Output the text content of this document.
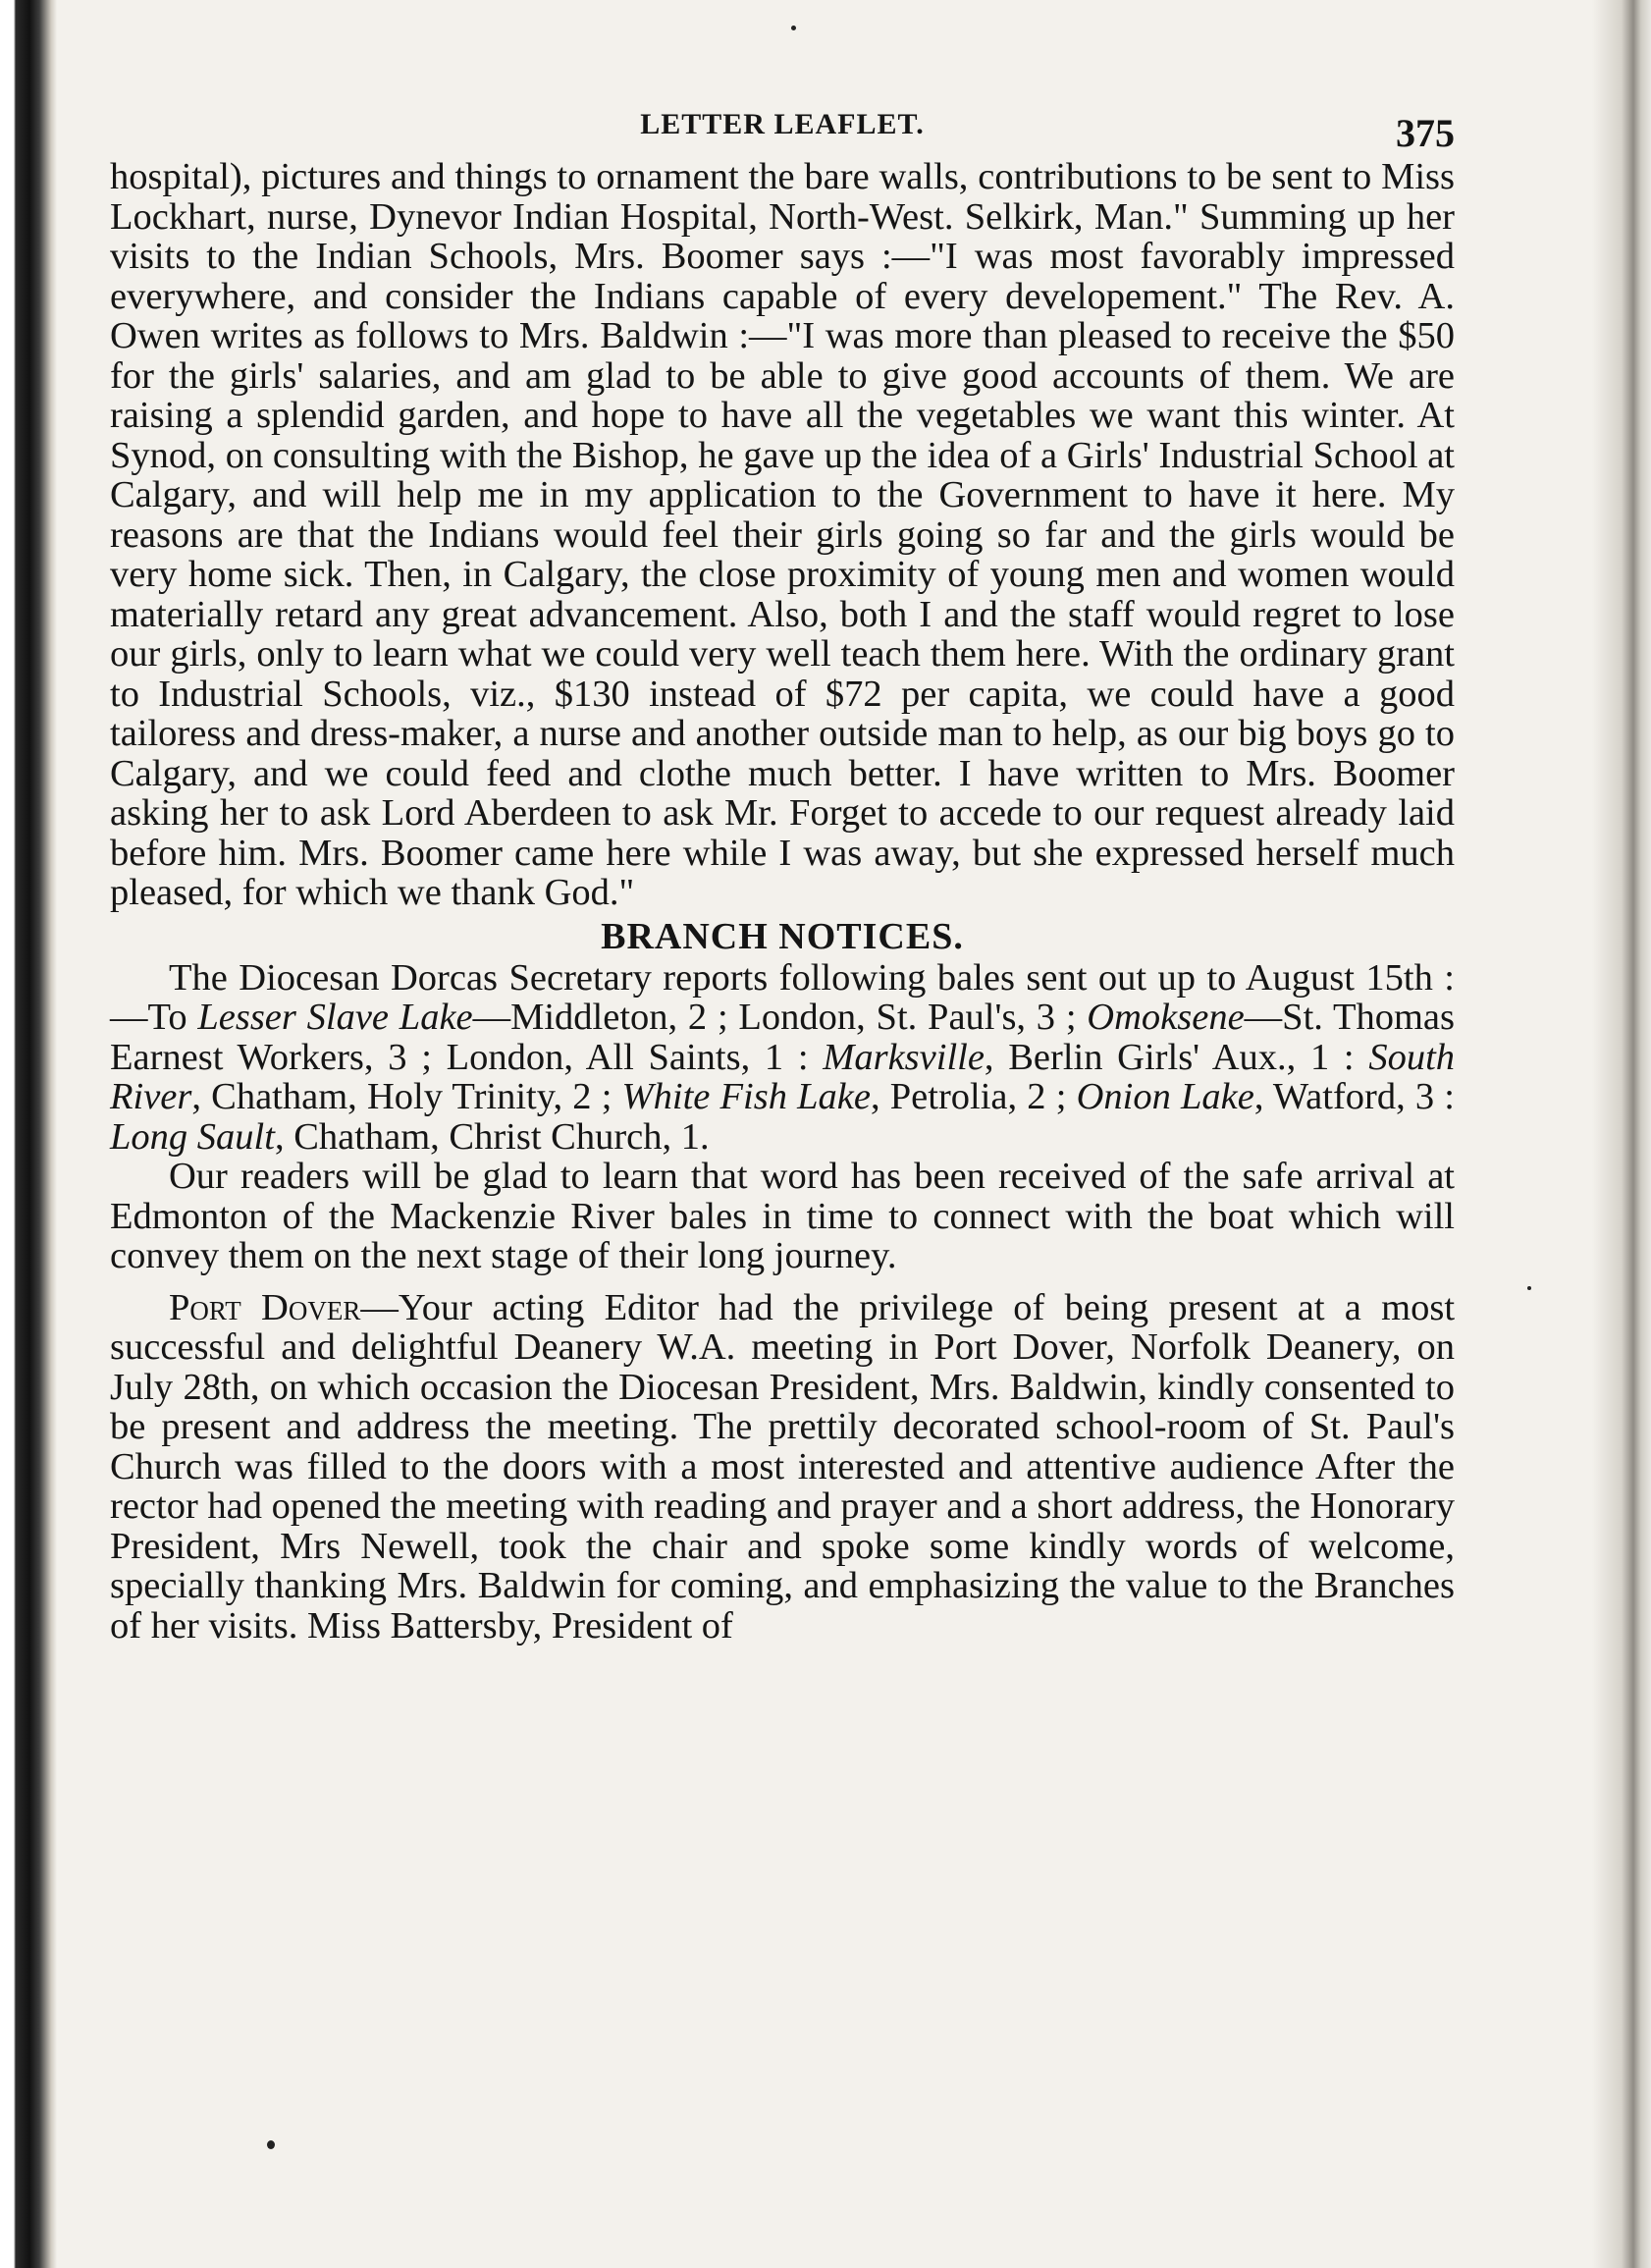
LETTER LEAFLET.	375

hospital), pictures and things to ornament the bare walls, contributions to be sent to Miss Lockhart, nurse, Dynevor Indian Hospital, North-West. Selkirk, Man." Summing up her visits to the Indian Schools, Mrs. Boomer says :—"I was most favorably impressed everywhere, and consider the Indians capable of every developement." The Rev. A. Owen writes as follows to Mrs. Baldwin :—"I was more than pleased to receive the $50 for the girls' salaries, and am glad to be able to give good accounts of them. We are raising a splendid garden, and hope to have all the vegetables we want this winter. At Synod, on consulting with the Bishop, he gave up the idea of a Girls' Industrial School at Calgary, and will help me in my application to the Government to have it here. My reasons are that the Indians would feel their girls going so far and the girls would be very home sick. Then, in Calgary, the close proximity of young men and women would materially retard any great advancement. Also, both I and the staff would regret to lose our girls, only to learn what we could very well teach them here. With the ordinary grant to Industrial Schools, viz., $130 instead of $72 per capita, we could have a good tailoress and dress-maker, a nurse and another outside man to help, as our big boys go to Calgary, and we could feed and clothe much better. I have written to Mrs. Boomer asking her to ask Lord Aberdeen to ask Mr. Forget to accede to our request already laid before him. Mrs. Boomer came here while I was away, but she expressed herself much pleased, for which we thank God."

BRANCH NOTICES.

The Diocesan Dorcas Secretary reports following bales sent out up to August 15th :—To Lesser Slave Lake—Middleton, 2 ; London, St. Paul's, 3 ; Omoksene—St. Thomas Earnest Workers, 3 ; London, All Saints, 1 : Marksville, Berlin Girls' Aux., 1 : South River, Chatham, Holy Trinity, 2 ; White Fish Lake, Petrolia, 2 ; Onion Lake, Watford, 3 : Long Sault, Chatham, Christ Church, 1.

Our readers will be glad to learn that word has been received of the safe arrival at Edmonton of the Mackenzie River bales in time to connect with the boat which will convey them on the next stage of their long journey.

Port Dover—Your acting Editor had the privilege of being present at a most successful and delightful Deanery W.A. meeting in Port Dover, Norfolk Deanery, on July 28th, on which occasion the Diocesan President, Mrs. Baldwin, kindly consented to be present and address the meeting. The prettily decorated school-room of St. Paul's Church was filled to the doors with a most interested and attentive audience After the rector had opened the meeting with reading and prayer and a short address, the Honorary President, Mrs Newell, took the chair and spoke some kindly words of welcome, specially thanking Mrs. Baldwin for coming, and emphasizing the value to the Branches of her visits. Miss Battersby, President of
